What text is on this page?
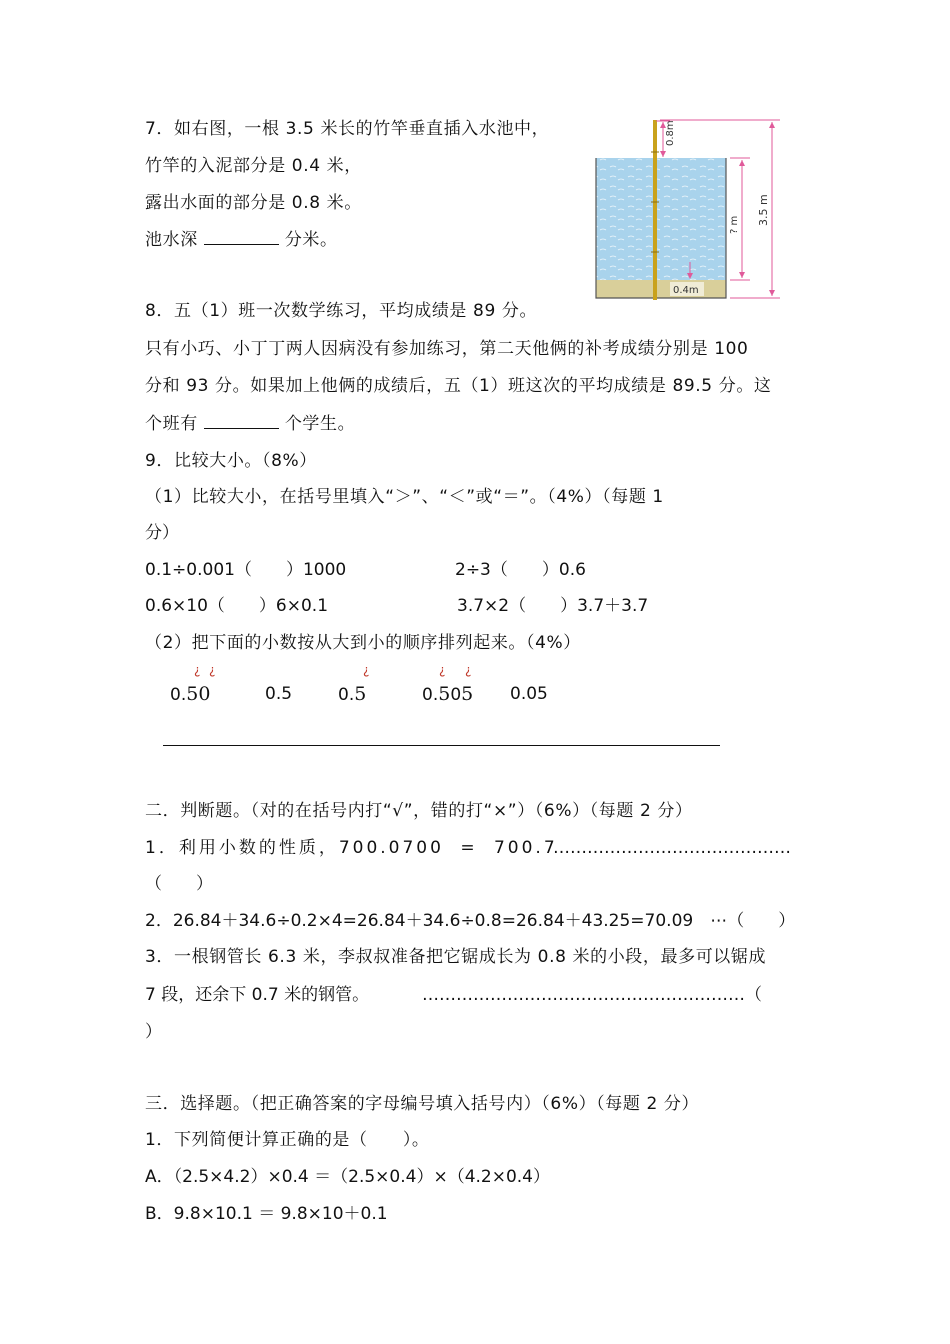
7．如右图，一根 3.5 米长的竹竿垂直插入水池中，
竹竿的入泥部分是 0.4 米，
露出水面的部分是 0.8 米。
池水深	分米。
0.8m
? m 3.5 m
0.4m
8．五（1）班一次数学练习，平均成绩是 89 分。
只有小巧、小丁丁两人因病没有参加练习，第二天他俩的补考成绩分别是 100
分和 93 分。如果加上他俩的成绩后，五（1）班这次的平均成绩是 89.5 分。这
个班有	个学生。
9．比较大小。（8%）
（1）比较大小，在括号里填入“＞”、“＜”或“＝”。（4%）（每题 1
分）
0.1÷0.001（　　）1000	2÷3（　　）0.6
0.6×10（　　）6×0.1	3.7×2（　　）3.7＋3.7
（2）把下面的小数按从大到小的顺序排列起来。（4%）
0.50
¿ ¿
0.5	0.5
¿
0.505
¿ ¿
0.05
二．判断题。（对的在括号内打“√”，错的打“×”）（6%）（每题 2 分）
1．利用小数的性质，700.0700 = 700.7
……………………………………
（　　）
2．26.84＋34.6÷0.2×4=26.84＋34.6÷0.8=26.84＋43.25=70.09　⋯（　　）
3．一根钢管长 6.3 米，李叔叔准备把它锯成长为 0.8 米的小段，最多可以锯成
7 段，还余下 0.7 米的钢管。	…………………………………………………（
）
三．选择题。（把正确答案的字母编号填入括号内）（6%）（每题 2 分）
1．下列简便计算正确的是（　　）。
A．（2.5×4.2）×0.4 ＝（2.5×0.4）×（4.2×0.4）
B．9.8×10.1 ＝ 9.8×10＋0.1
